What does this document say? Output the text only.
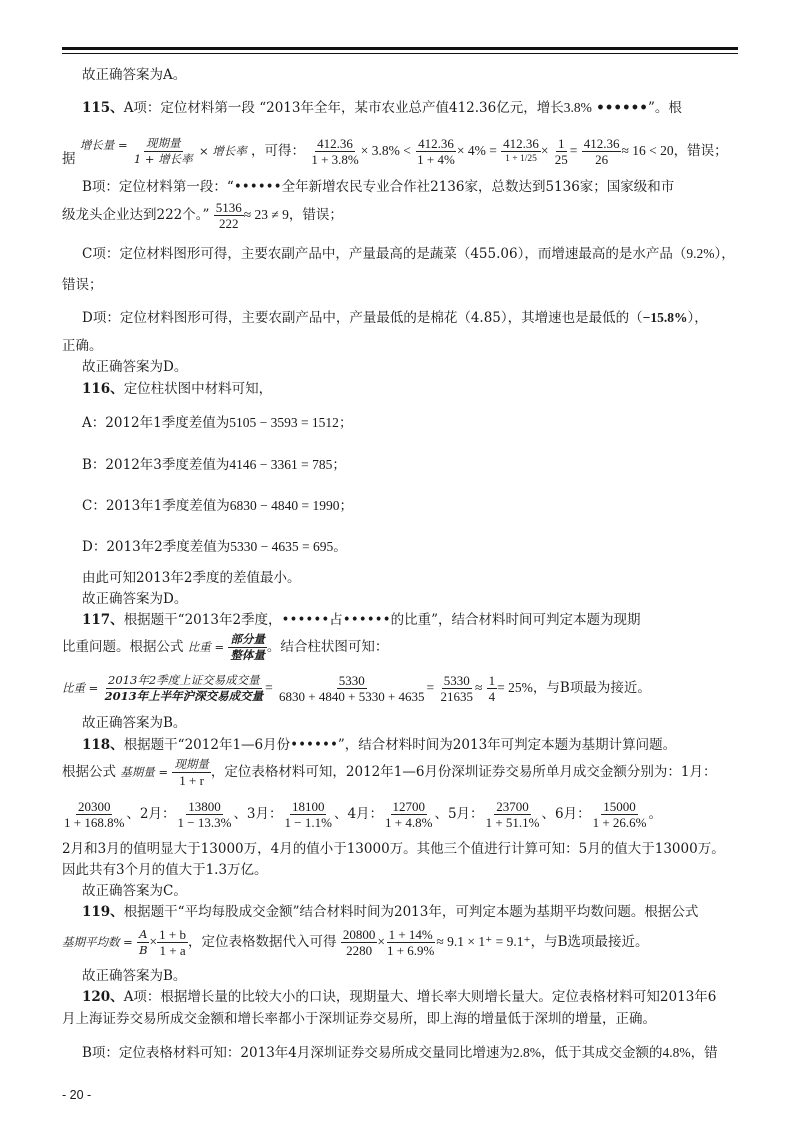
故正确答案为A。
115、A项：定位材料第一段 “2013年全年，某市农业总产值412.36亿元，增长3.8% ••••••”。根
据 增长量 = $\frac{\text{现期量}}{\text{1 + 增长率}}$ × 增长率 ，可得： $\frac{412.36}{1 + 3.8\%} \times 3.8\% < \frac{412.36}{1 + 4\%} \times 4\% = \frac{412.36}{1 + 1/25} \times \frac{1}{25} = \frac{412.36}{26} \approx 16 < 20$，错误；
B项：定位材料第一段：“••••••全年新增农民专业合作社2136家，总数达到5136家；国家级和市
级龙头企业达到222个。” $\frac{5136}{222} \approx 23 \ne 9$，错误；
C项：定位材料图形可得，主要农副产品中，产量最高的是蔬菜（455.06），而增速最高的是水产品（9.2%），
错误；
D项：定位材料图形可得，主要农副产品中，产量最低的是棉花（4.85），其增速也是最低的（−15.8%），
正确。
故正确答案为D。
116、定位柱状图中材料可知，
A：2012年1季度差值为5105 − 3593 = 1512；
B：2012年3季度差值为4146 − 3361 = 785；
C：2013年1季度差值为6830 − 4840 = 1990；
D：2013年2季度差值为5330 − 4635 = 695。
由此可知2013年2季度的差值最小。
故正确答案为D。
117、根据题干“2013年2季度，••••••占••••••的比重”，结合材料时间可判定本题为现期
比重问题。根据公式 比重 = $\frac{\text{部分量}}{\text{整体量}}$ 。结合柱状图可知：
比重 = $\frac{\text{2013年2季度上证交易成交量}}{\text{2013年上半年沪深交易成交量}} = \frac{5330}{6830 + 4840 + 5330 + 4635} = \frac{5330}{21635} \approx \frac{1}{4} = 25\%$，与B项最为接近。
故正确答案为B。
118、根据题干“2012年1—6月份••••••”，结合材料时间为2013年可判定本题为基期计算问题。
根据公式 基期量 = $\frac{\text{现期量}}{1 + r}$ ，定位表格材料可知，2012年1—6月份深圳证券交易所单月成交金额分别为：1月：
$\frac{20300}{1 + 168.8\%}$ 、2月： $\frac{13800}{1 - 13.3\%}$ 、3月： $\frac{18100}{1 - 1.1\%}$ 、4月： $\frac{12700}{1 + 4.8\%}$ 、5月： $\frac{23700}{1 + 51.1\%}$ 、6月： $\frac{15000}{1 + 26.6\%}$ 。
2月和3月的值明显大于13000万，4月的值小于13000万。其他三个值进行计算可知：5月的值大于13000万。
因此共有3个月的值大于1.3万亿。
故正确答案为C。
119、根据题干“平均每股成交金额”结合材料时间为2013年，可判定本题为基期平均数问题。根据公式
基期平均数 = $\frac{A}{B} \times \frac{1 + b}{1 + a}$ ，定位表格数据代入可得 $\frac{20800}{2280} \times \frac{1 + 14\%}{1 + 6.9\%} \approx 9.1 \times 1^+ = 9.1^+$，与B选项最接近。
故正确答案为B。
120、A项：根据增长量的比较大小的口诀，现期量大、增长率大则增长量大。定位表格材料可知2013年6
月上海证券交易所成交金额和增长率都小于深圳证券交易所，即上海的增量低于深圳的增量，正确。
B项：定位表格材料可知：2013年4月深圳证券交易所成交量同比增速为2.8%，低于其成交金额的4.8%，错
- 20 -
